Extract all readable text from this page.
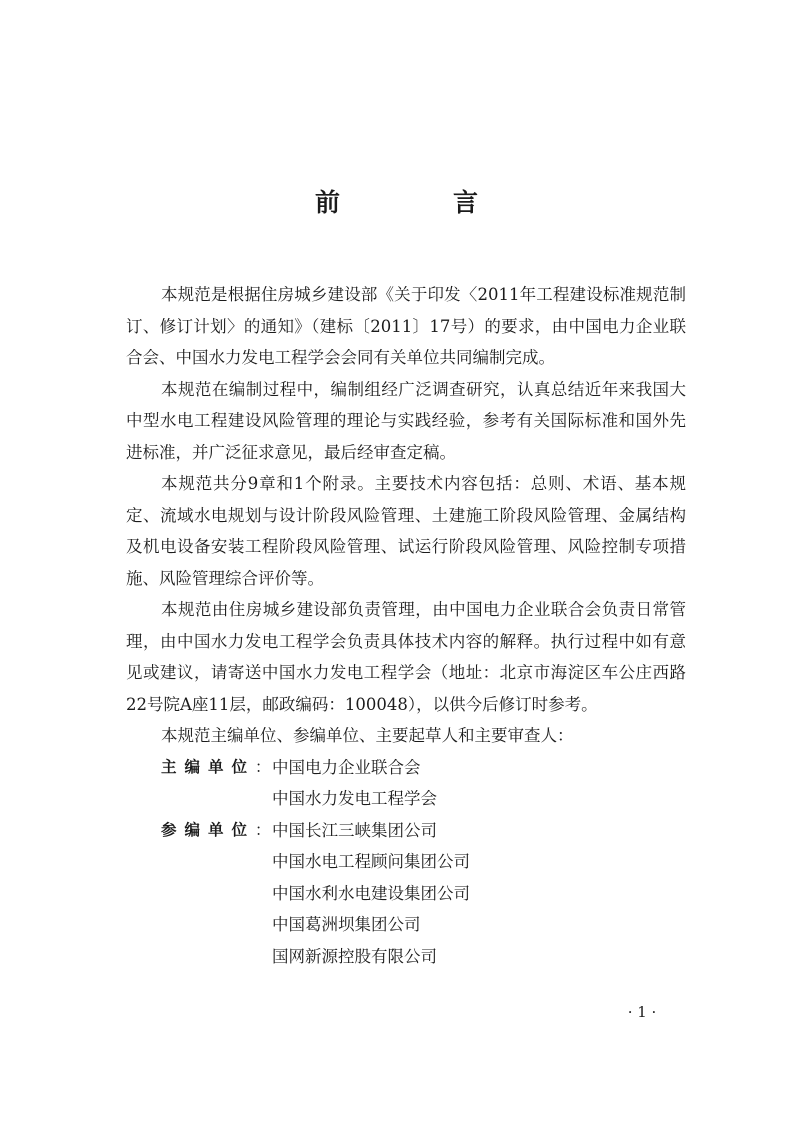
前　言

本规范是根据住房城乡建设部《关于印发〈2011年工程建设标准规范制订、修订计划〉的通知》（建标〔2011〕17号）的要求，由中国电力企业联合会、中国水力发电工程学会会同有关单位共同编制完成。

本规范在编制过程中，编制组经广泛调查研究，认真总结近年来我国大中型水电工程建设风险管理的理论与实践经验，参考有关国际标准和国外先进标准，并广泛征求意见，最后经审查定稿。

本规范共分9章和1个附录。主要技术内容包括：总则、术语、基本规定、流域水电规划与设计阶段风险管理、土建施工阶段风险管理、金属结构及机电设备安装工程阶段风险管理、试运行阶段风险管理、风险控制专项措施、风险管理综合评价等。

本规范由住房城乡建设部负责管理，由中国电力企业联合会负责日常管理，由中国水力发电工程学会负责具体技术内容的解释。执行过程中如有意见或建议，请寄送中国水力发电工程学会（地址：北京市海淀区车公庄西路22号院A座11层，邮政编码：100048），以供今后修订时参考。

本规范主编单位、参编单位、主要起草人和主要审查人：

主编单位 ： 中国电力企业联合会
中国水力发电工程学会
参编单位 ： 中国长江三峡集团公司
中国水电工程顾问集团公司
中国水利水电建设集团公司
中国葛洲坝集团公司
国网新源控股有限公司
· 1 ·
